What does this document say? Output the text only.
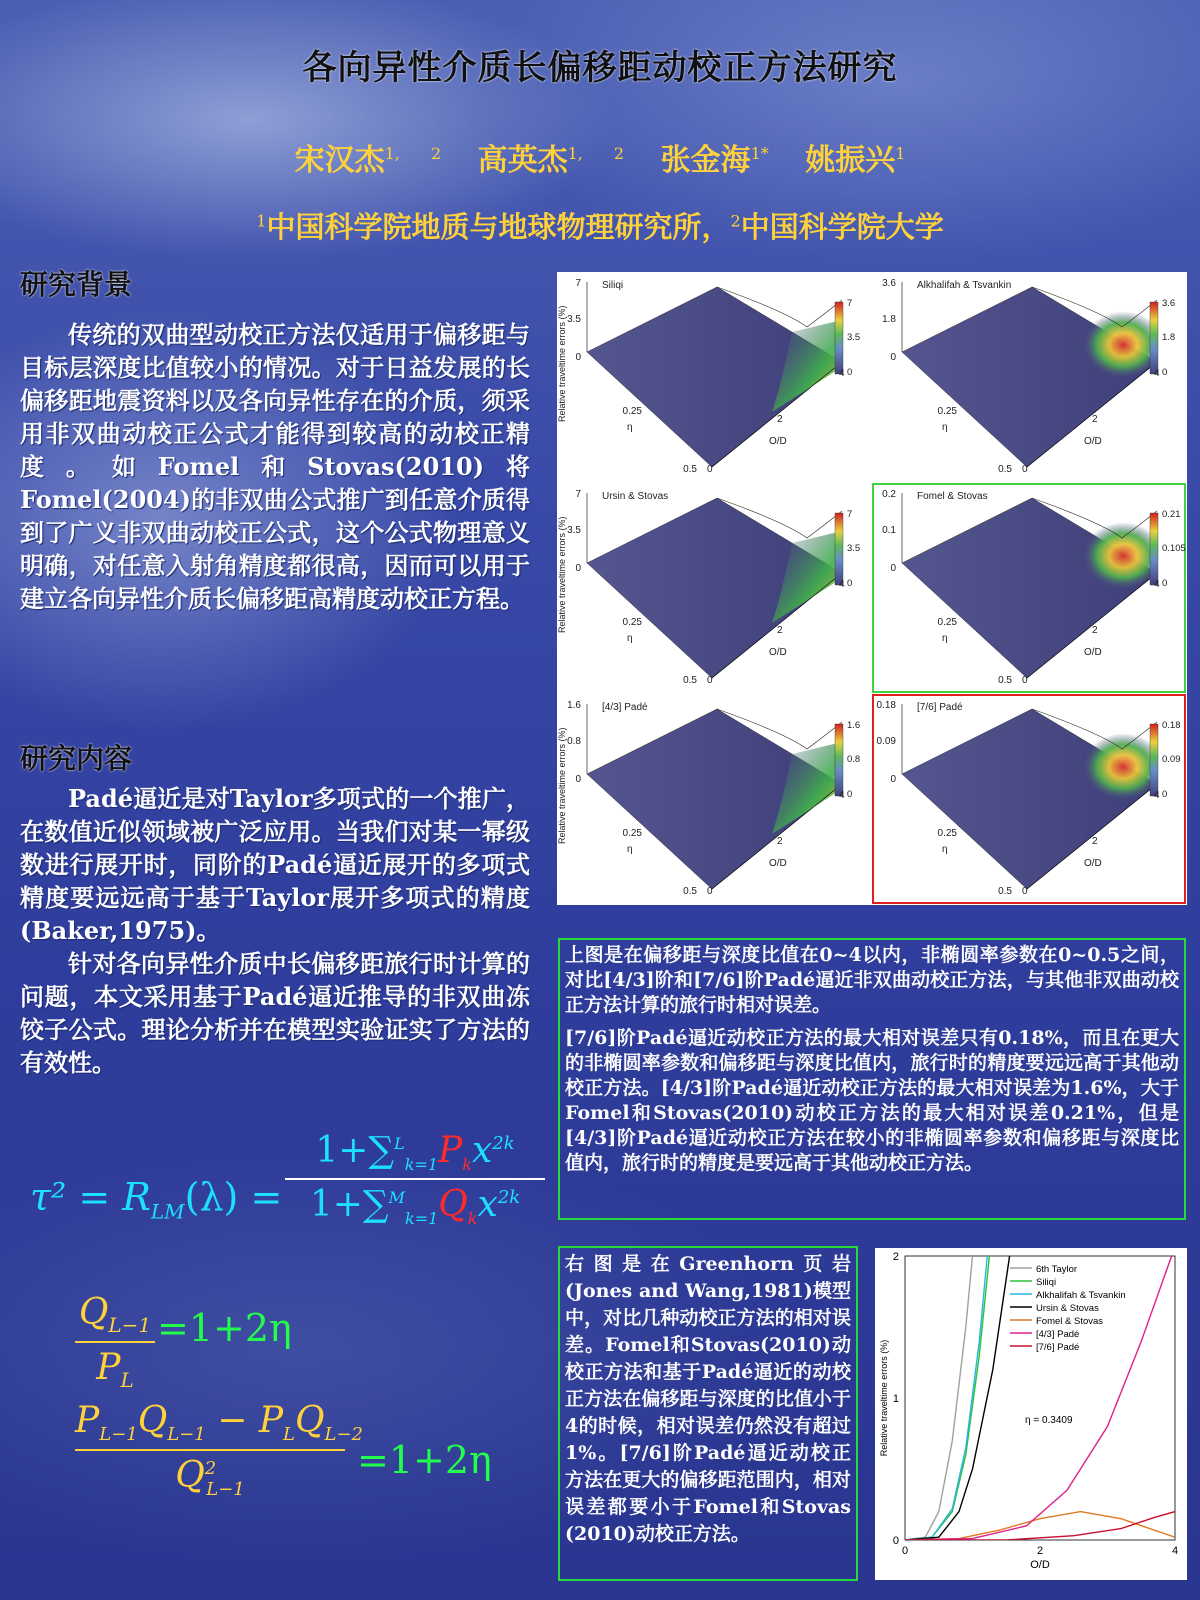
各向异性介质长偏移距动校正方法研究
宋汉杰$^{1, 2}$ 高英杰$^{1, 2}$ 张金海$^{1*}$ 姚振兴$^1$
$^1$中国科学院地质与地球物理研究所，$^2$中国科学院大学
研究背景

传统的双曲型动校正方法仅适用于偏移距与目标层深度比值较小的情况。对于日益发展的长偏移距地震资料以及各向异性存在的介质，须采用非双曲动校正公式才能得到较高的动校正精度。如Fomel和Stovas(2010)将Fomel(2004)的非双曲公式推广到任意介质得到了广义非双曲动校正公式，这个公式物理意义明确，对任意入射角精度都很高，因而可以用于建立各向异性介质长偏移距高精度动校正方程。

研究内容

Padé逼近是对Taylor多项式的一个推广，在数值近似领域被广泛应用。当我们对某一幂级数进行展开时，同阶的Padé逼近展开的多项式精度要远远高于基于Taylor展开多项式的精度(Baker,1975)。

针对各向异性介质中长偏移距旅行时计算的问题，本文采用基于Padé逼近推导的非双曲冻饺子公式。理论分析并在模型实验证实了方法的有效性。

$\tau^2 = R_{LM}(\lambda)$ =
$1+\sum^L_{k=1}P_kx^{2k}$
$1+\sum^M_{k=1}Q_kx^{2k}$
$Q_{L-1}$
$P_L$
=1+2η
$P_{L-1}Q_{L-1} - P_LQ_{L-2}$
$Q^2_{L-1}$
=1+2η
Siliqi
7
3.5
0
7
3.5
0
0
2
4
O/D
0.5
0.25
η
Relative traveltime errors (%)
Alkhalifah & Tsvankin
3.6
1.8
0
3.6
1.8
0
0
2
4
O/D
0.5
0.25
η
Ursin & Stovas
7
3.5
0
7
3.5
0
0
2
4
O/D
0.5
0.25
η
Relative traveltime errors (%)
Fomel & Stovas
0.2
0.1
0
0.21
0.105
0
0
2
4
O/D
0.5
0.25
η
[4/3] Padé
1.6
0.8
0
1.6
0.8
0
0
2
4
O/D
0.5
0.25
η
Relative traveltime errors (%)
[7/6] Padé
0.18
0.09
0
0.18
0.09
0
0
2
4
O/D
0.5
0.25
η

上图是在偏移距与深度比值在0~4以内，非椭圆率参数在0~0.5之间，对比[4/3]阶和[7/6]阶Padé逼近非双曲动校正方法，与其他非双曲动校正方法计算的旅行时相对误差。

[7/6]阶Padé逼近动校正方法的最大相对误差只有0.18%，而且在更大的非椭圆率参数和偏移距与深度比值内，旅行时的精度要远远高于其他动校正方法。[4/3]阶Padé逼近动校正方法的最大相对误差为1.6%，大于Fomel和Stovas(2010)动校正方法的最大相对误差0.21%，但是[4/3]阶Padé逼近动校正方法在较小的非椭圆率参数和偏移距与深度比值内，旅行时的精度是要远高于其他动校正方法。

右图是在Greenhorn页岩(Jones and Wang,1981)模型中，对比几种动校正方法的相对误差。Fomel和Stovas(2010)动校正方法和基于Padé逼近的动校正方法在偏移距与深度的比值小于4的时候，相对误差仍然没有超过1%。[7/6]阶Padé逼近动校正方法在更大的偏移距范围内，相对误差都要小于Fomel和Stovas (2010)动校正方法。

0	2	4
0
1
2
O/D
Relative traveltime errors (%)
6th Taylor
Siliqi
Alkhalifah & Tsvankin
Ursin & Stovas
Fomel & Stovas
[4/3] Padé
[7/6] Padé
η = 0.3409
